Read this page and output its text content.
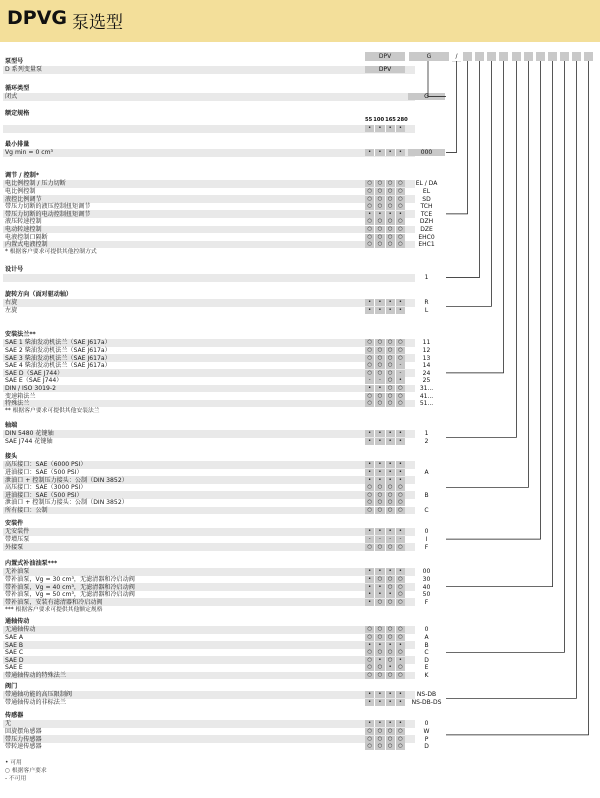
DPVG 泵选型
DPV	G	/
泵型号
D 系列变量泵	DPV
循环类型
闭式	G
额定规格
55 100 165 280
•	•	•	•
最小排量
Vg min = 0 cm³	•	•	•	•	000
调节 / 控制*
电比例控制 / 压力切断	○	○	○	○	EL / DA
电比例控制	○	○	○	○	EL
液控比例调节	○	○	○	○	SD
带压力切断的液压控制扭矩调节	○	○	○	○	TCH
带压力切断的电动控制扭矩调节	•	•	•	•	TCE
液压转速控制	○	○	○	○	DZH
电动转速控制	○	○	○	○	DZE
电液控制口隔断	○	○	○	○	EHC0
内置式电液控制	○	○	○	○	EHC1
* 根据客户要求可提供其他控制方式
设计号
1
旋转方向（面对驱动轴）
右旋	•	•	•	•	R
左旋	•	•	•	•	L
安装法兰**
SAE 1 柴油发动机法兰（SAE J617a）	○	○	○	○	11
SAE 2 柴油发动机法兰（SAE J617a）	○	○	○	○	12
SAE 3 柴油发动机法兰（SAE J617a）	○	○	○	○	13
SAE 4 柴油发动机法兰（SAE J617a）	○	○	○	-	14
SAE D（SAE J744）	○	○	○	-	24
SAE E（SAE J744）	-	-	○	•	25
DIN / ISO 3019-2	•	•	○	○	31...
变速箱法兰	○	○	○	○	41...
特殊法兰	○	○	○	○	51...
** 根据客户要求可提供其他安装法兰
轴端
DIN 5480 花键轴	•	•	•	•	1
SAE J744 花键轴	•	•	•	•	2
接头
高压接口：SAE（6000 PSI）	•	•	•	•
进油接口：SAE（500 PSI）	•	•	•	•	A
泄油口 + 控制压力接头：公制（DIN 3852）	•	•	•	•
高压接口：SAE（3000 PSI）	○	○	○	○
进油接口：SAE（500 PSI）	○	○	○	○	B
泄油口 + 控制压力接头：公制（DIN 3852）	○	○	○	○
所有接口：公制	○	○	○	○	C
安装件
无安装件	•	•	•	•	0
带增压泵	-	-	-	-	I
外接泵	○	○	○	○	F
内置式补油油泵***
无补油泵	•	•	•	•	00
带补油泵，Vg = 30 cm³，无滤清器和冷启动阀	•	○	○	○	30
带补油泵，Vg = 40 cm³，无滤清器和冷启动阀	•	•	○	○	40
带补油泵，Vg = 50 cm³，无滤清器和冷启动阀	•	•	•	○	50
带补油泵，安装有滤清器和冷启动阀	•	○	○	○	F
*** 根据客户要求可提供其他额定规格
通轴传动
无通轴传动	○	○	○	○	0
SAE A	○	○	○	○	A
SAE B	•	•	•	•	B
SAE C	○	○	○	○	C
SAE D	○	•	○	•	D
SAE E	○	○	•	○	E
带通轴传动的特殊法兰	○	○	○	○	K
阀门
带通轴功能的高压限制阀	•	•	•	•	NS-DB
带通轴传动的非标法兰	•	•	•	•	NS-DB-DS
传感器
无	•	•	•	•	0
回旋摆角感器	○	○	○	○	W
带压力传感器	○	○	○	○	P
带转速传感器	○	○	○	○	D
• 可用
○ 根据客户要求
- 不可用
